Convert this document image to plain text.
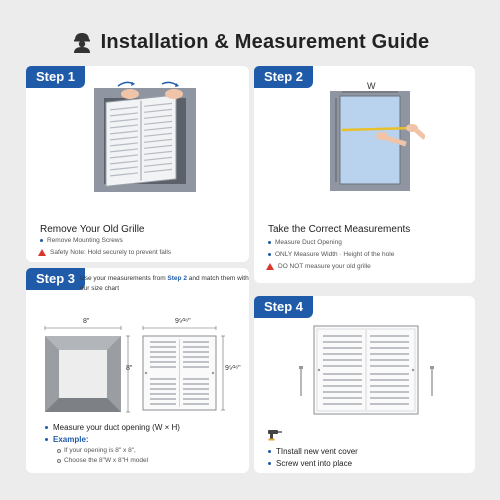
Installation & Measurement Guide
Step 1
Remove Your Old Grille
Remove Mounting Screws
Safety Note: Hold securely to prevent falls
Step 2
W
Take the Correct Measurements
Measure Duct Opening
ONLY Measure Width · Height of the hole
DO NOT measure your old grille
Step 3 Use your measurements from Step 2 and match them with our size chart
8"
8"
9⁵⁄¹⁶"
9⁵⁄¹⁶"
Measure your duct opening (W × H)
Example:
If your opening is 8" x 8",
Choose the 8"W x 8"H model
Step 4
TInstall new vent cover
Screw vent into place
